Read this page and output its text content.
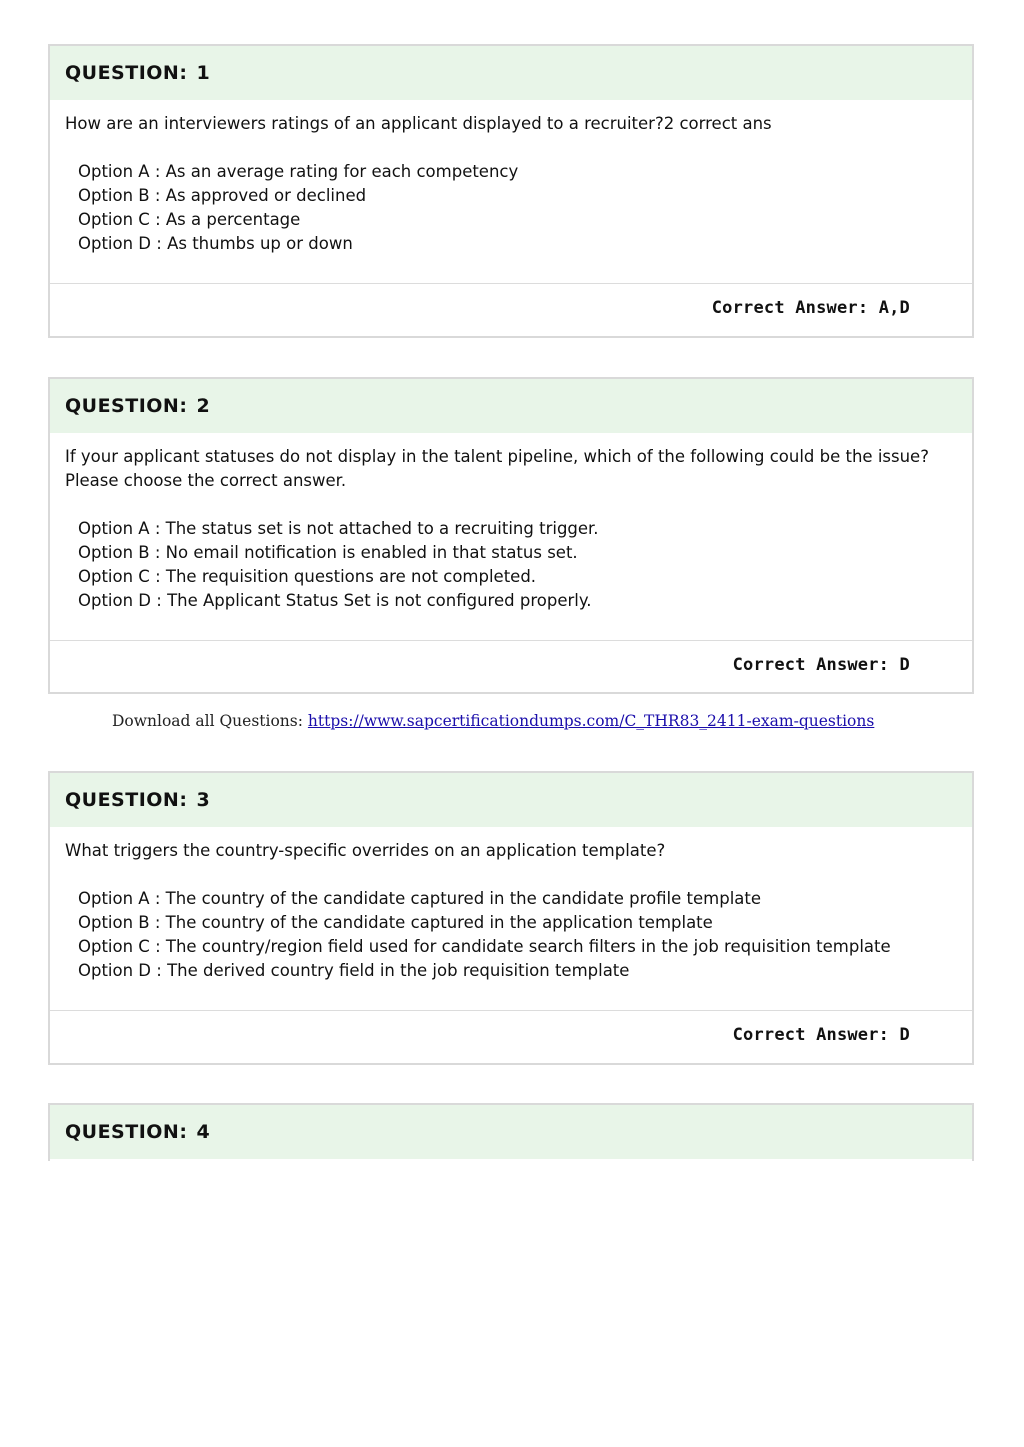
QUESTION: 1

How are an interviewers ratings of an applicant displayed to a recruiter?2 correct ans

Option A : As an average rating for each competency
Option B : As approved or declined
Option C : As a percentage
Option D : As thumbs up or down
Correct Answer: A,D
QUESTION: 2

If your applicant statuses do not display in the talent pipeline, which of the following could be the issue?
Please choose the correct answer.

Option A : The status set is not attached to a recruiting trigger.
Option B : No email notification is enabled in that status set.
Option C : The requisition questions are not completed.
Option D : The Applicant Status Set is not configured properly.
Correct Answer: D
Download all Questions: https://www.sapcertificationdumps.com/C_THR83_2411-exam-questions
QUESTION: 3

What triggers the country-specific overrides on an application template?

Option A : The country of the candidate captured in the candidate profile template
Option B : The country of the candidate captured in the application template
Option C : The country/region field used for candidate search filters in the job requisition template
Option D : The derived country field in the job requisition template
Correct Answer: D
QUESTION: 4
